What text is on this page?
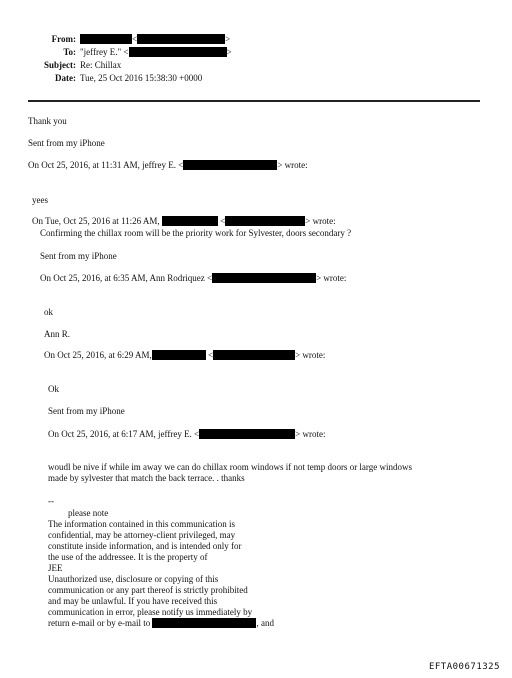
From:	<	>
To: "jeffrey E." <	>
Subject: Re: Chillax
Date: Tue, 25 Oct 2016 15:38:30 +0000
Thank you
Sent from my iPhone
On Oct 25, 2016, at 11:31 AM, jeffrey E. <	> wrote:
yees
On Tue, Oct 25, 2016 at 11:26 AM,	<	> wrote:
Confirming the chillax room will be the priority work for Sylvester, doors secondary ?
Sent from my iPhone
On Oct 25, 2016, at 6:35 AM, Ann Rodriquez <	> wrote:
ok
Ann R.
On Oct 25, 2016, at 6:29 AM,	<	> wrote:
Ok
Sent from my iPhone
On Oct 25, 2016, at 6:17 AM, jeffrey E. <	> wrote:
woudl be nive if while im away we can do chillax room windows if not temp doors or large windows
made by sylvester that match the back terrace. . thanks
--
please note
The information contained in this communication is
confidential, may be attorney-client privileged, may
constitute inside information, and is intended only for
the use of the addressee. It is the property of
JEE
Unauthorized use, disclosure or copying of this
communication or any part thereof is strictly prohibited
and may be unlawful. If you have received this
communication in error, please notify us immediately by
return e-mail or by e-mail to	, and
EFTA00671325
